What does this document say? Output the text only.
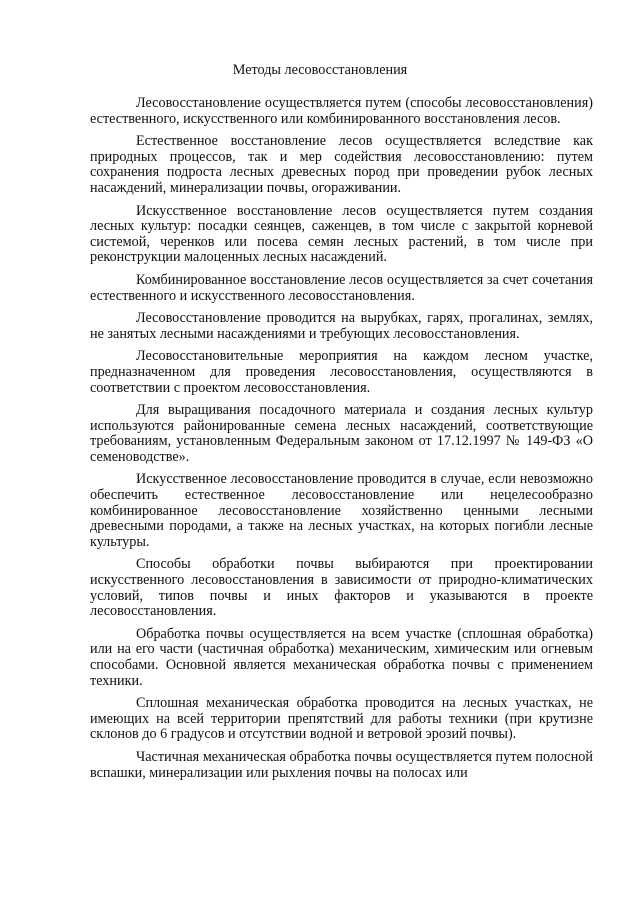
Методы лесовосстановления

Лесовосстановление осуществляется путем (способы лесовосстановления) естественного, искусственного или комбинированного восстановления лесов.

Естественное восстановление лесов осуществляется вследствие как природных процессов, так и мер содействия лесовосстановлению: путем сохранения подроста лесных древесных пород при проведении рубок лесных насаждений, минерализации почвы, огораживании.

Искусственное восстановление лесов осуществляется путем создания лесных культур: посадки сеянцев, саженцев, в том числе с закрытой корневой системой, черенков или посева семян лесных растений, в том числе при реконструкции малоценных лесных насаждений.

Комбинированное восстановление лесов осуществляется за счет сочетания естественного и искусственного лесовосстановления.

Лесовосстановление проводится на вырубках, гарях, прогалинах, землях, не занятых лесными насаждениями и требующих лесовосстановления.

Лесовосстановительные мероприятия на каждом лесном участке, предназначенном для проведения лесовосстановления, осуществляются в соответствии с проектом лесовосстановления.

Для выращивания посадочного материала и создания лесных культур используются районированные семена лесных насаждений, соответствующие требованиям, установленным Федеральным законом от 17.12.1997 № 149-ФЗ «О семеноводстве».

Искусственное лесовосстановление проводится в случае, если невозможно обеспечить естественное лесовосстановление или нецелесообразно комбинированное лесовосстановление хозяйственно ценными лесными древесными породами, а также на лесных участках, на которых погибли лесные культуры.

Способы обработки почвы выбираются при проектировании искусственного лесовосстановления в зависимости от природно-климатических условий, типов почвы и иных факторов и указываются в проекте лесовосстановления.

Обработка почвы осуществляется на всем участке (сплошная обработка) или на его части (частичная обработка) механическим, химическим или огневым способами. Основной является механическая обработка почвы с применением техники.

Сплошная механическая обработка проводится на лесных участках, не имеющих на всей территории препятствий для работы техники (при крутизне склонов до 6 градусов и отсутствии водной и ветровой эрозий почвы).

Частичная механическая обработка почвы осуществляется путем полосной вспашки, минерализации или рыхления почвы на полосах или
